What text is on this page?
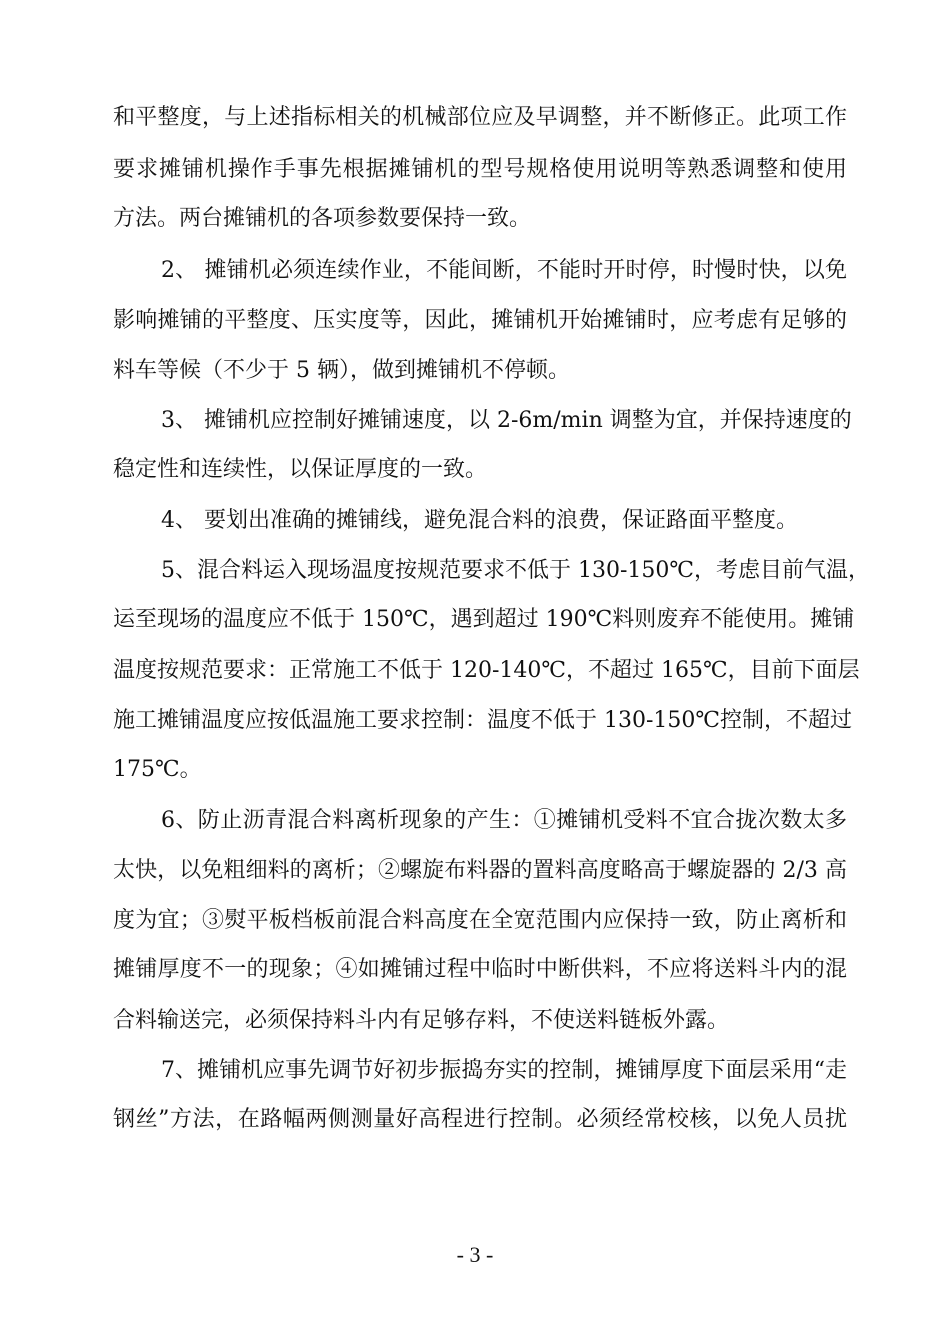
和平整度，与上述指标相关的机械部位应及早调整，并不断修正。此项工作
要求摊铺机操作手事先根据摊铺机的型号规格使用说明等熟悉调整和使用
方法。两台摊铺机的各项参数要保持一致。
2、 摊铺机必须连续作业，不能间断，不能时开时停，时慢时快，以免
影响摊铺的平整度、压实度等，因此，摊铺机开始摊铺时，应考虑有足够的
料车等候（不少于 5 辆），做到摊铺机不停顿。
3、 摊铺机应控制好摊铺速度，以 2-6m/min 调整为宜，并保持速度的
稳定性和连续性，以保证厚度的一致。
4、 要划出准确的摊铺线，避免混合料的浪费，保证路面平整度。
5、混合料运入现场温度按规范要求不低于 130-150℃，考虑目前气温，
运至现场的温度应不低于 150℃，遇到超过 190℃料则废弃不能使用。摊铺
温度按规范要求：正常施工不低于 120-140℃，不超过 165℃，目前下面层
施工摊铺温度应按低温施工要求控制：温度不低于 130-150℃控制，不超过
175℃。
6、防止沥青混合料离析现象的产生：①摊铺机受料不宜合拢次数太多
太快，以免粗细料的离析；②螺旋布料器的置料高度略高于螺旋器的 2/3 高
度为宜；③熨平板档板前混合料高度在全宽范围内应保持一致，防止离析和
摊铺厚度不一的现象；④如摊铺过程中临时中断供料，不应将送料斗内的混
合料输送完，必须保持料斗内有足够存料，不使送料链板外露。
7、摊铺机应事先调节好初步振捣夯实的控制，摊铺厚度下面层采用“走
钢丝”方法，在路幅两侧测量好高程进行控制。必须经常校核，以免人员扰
- 3 -
